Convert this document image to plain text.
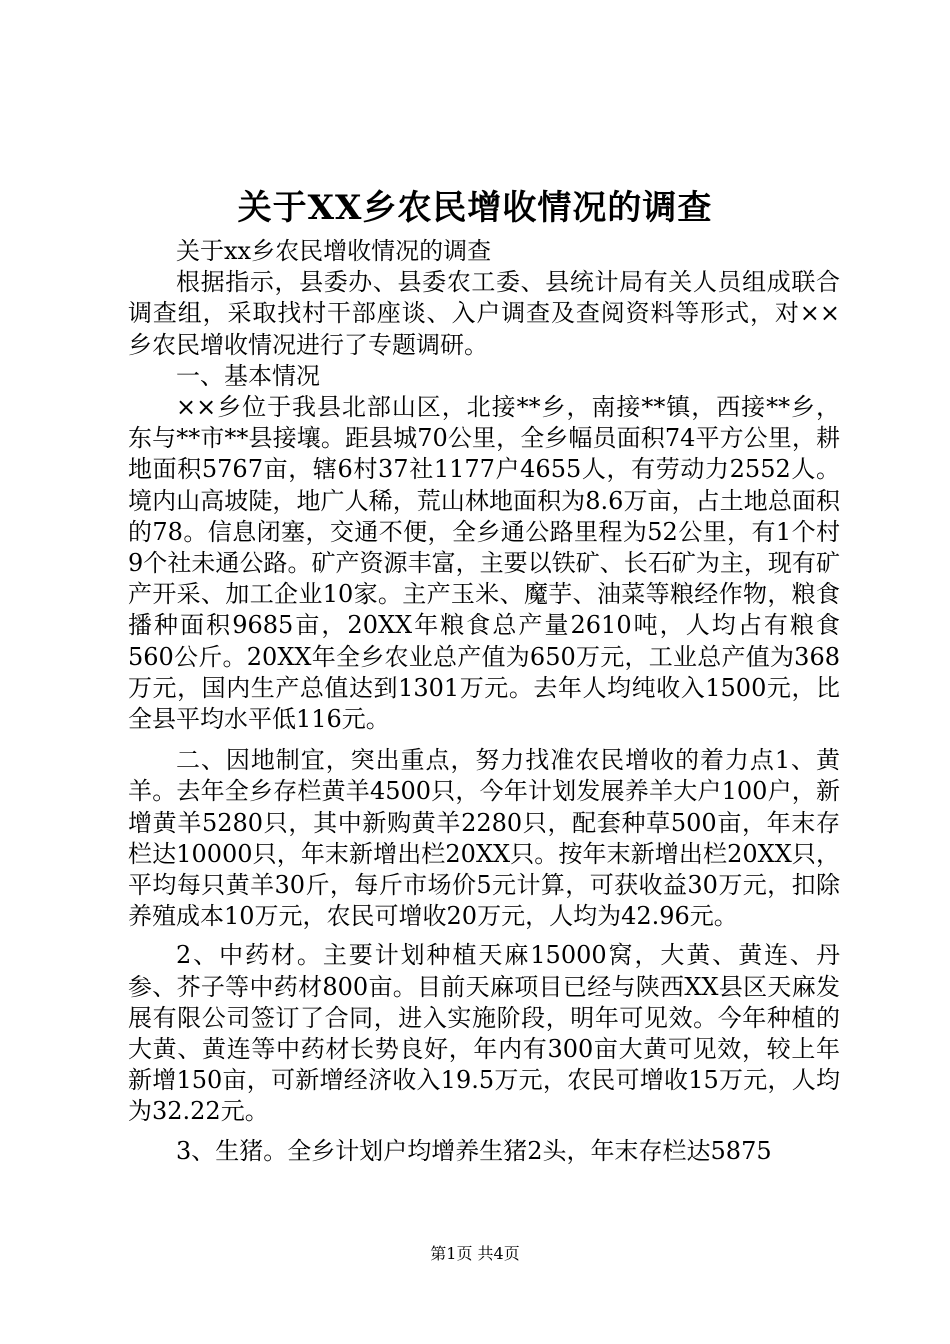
关于XX乡农民增收情况的调查

关于xx乡农民增收情况的调查

根据指示，县委办、县委农工委、县统计局有关人员组成联合调查组，采取找村干部座谈、入户调查及查阅资料等形式，对××乡农民增收情况进行了专题调研。

一、基本情况

××乡位于我县北部山区，北接**乡，南接**镇，西接**乡，东与**市**县接壤。距县城70公里，全乡幅员面积74平方公里，耕地面积5767亩，辖6村37社1177户4655人，有劳动力2552人。境内山高坡陡，地广人稀，荒山林地面积为8.6万亩，占土地总面积的78。信息闭塞，交通不便，全乡通公路里程为52公里，有1个村9个社未通公路。矿产资源丰富，主要以铁矿、长石矿为主，现有矿产开采、加工企业10家。主产玉米、魔芋、油菜等粮经作物，粮食播种面积9685亩，20XX年粮食总产量2610吨，人均占有粮食560公斤。20XX年全乡农业总产值为650万元，工业总产值为368万元，国内生产总值达到1301万元。去年人均纯收入1500元，比全县平均水平低116元。

二、因地制宜，突出重点，努力找准农民增收的着力点1、黄羊。去年全乡存栏黄羊4500只，今年计划发展养羊大户100户，新增黄羊5280只，其中新购黄羊2280只，配套种草500亩，年末存栏达10000只，年末新增出栏20XX只。按年末新增出栏20XX只，平均每只黄羊30斤，每斤市场价5元计算，可获收益30万元，扣除养殖成本10万元，农民可增收20万元，人均为42.96元。

2、中药材。主要计划种植天麻15000窝，大黄、黄连、丹参、芥子等中药材800亩。目前天麻项目已经与陕西XX县区天麻发展有限公司签订了合同，进入实施阶段，明年可见效。今年种植的大黄、黄连等中药材长势良好，年内有300亩大黄可见效，较上年新增150亩，可新增经济收入19.5万元，农民可增收15万元，人均为32.22元。

3、生猪。全乡计划户均增养生猪2头，年末存栏达5875

第1页 共4页
